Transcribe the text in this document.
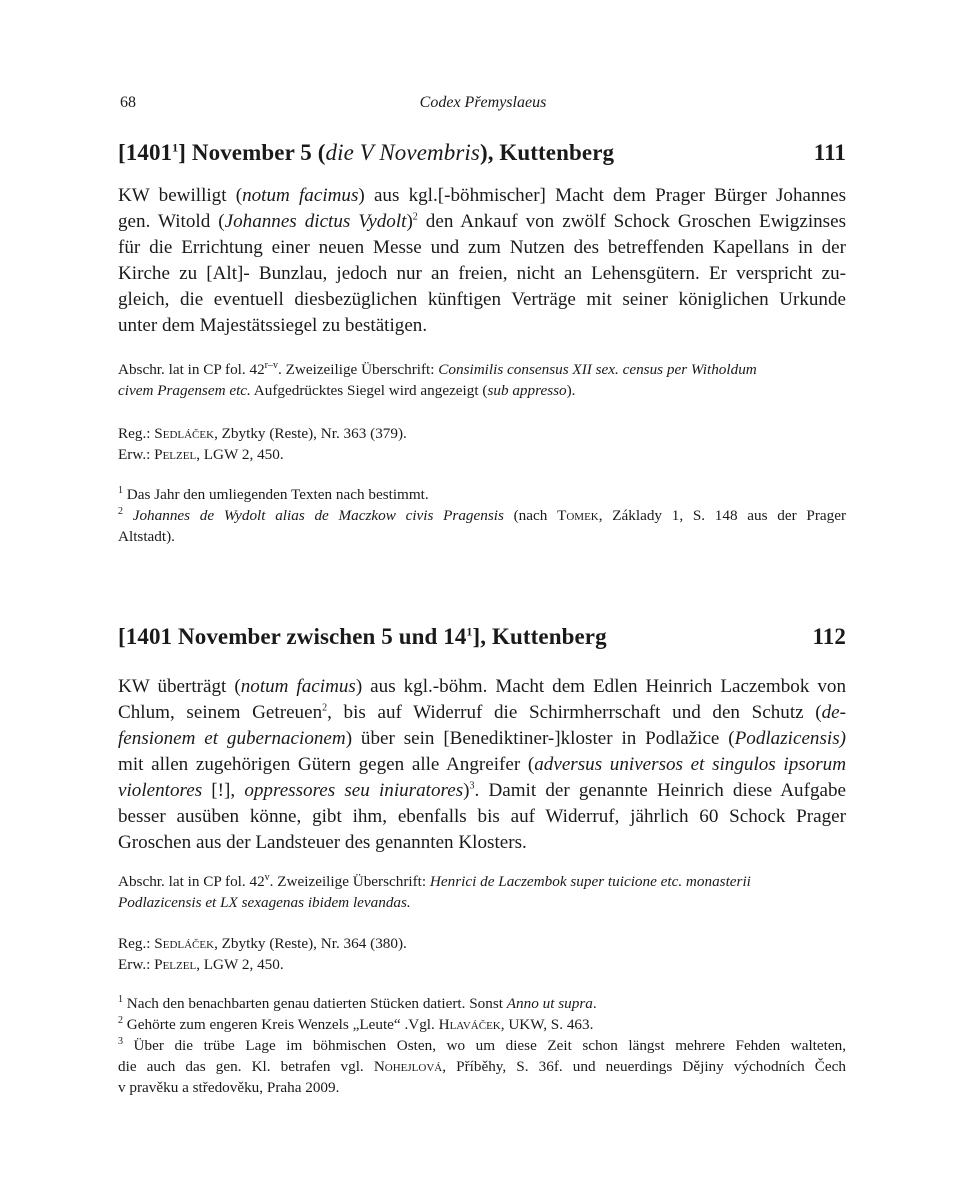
68	Codex Přemyslaeus
[1401$^1$] November 5 (die V Novembris), Kuttenberg	111
KW bewilligt (notum facimus) aus kgl.[-böhmischer] Macht dem Prager Bürger Johannes
gen. Witold (Johannes dictus Vydolt)$^2$ den Ankauf von zwölf Schock Groschen Ewigzinses
für die Errichtung einer neuen Messe und zum Nutzen des betreffenden Kapellans in der
Kirche zu [Alt]- Bunzlau, jedoch nur an freien, nicht an Lehensgütern. Er verspricht zu-
gleich, die eventuell diesbezüglichen künftigen Verträge mit seiner königlichen Urkunde
unter dem Majestätssiegel zu bestätigen.
Abschr. lat in CP fol. 42$^{r-v}$. Zweizeilige Überschrift: Consimilis consensus XII sex. census per Witholdum
civem Pragensem etc. Aufgedrücktes Siegel wird angezeigt (sub appresso).
Reg.: Sedláček, Zbytky (Reste), Nr. 363 (379).
Erw.: Pelzel, LGW 2, 450.
$^1$ Das Jahr den umliegenden Texten nach bestimmt.
$^2$ Johannes de Wydolt alias de Maczkow civis Pragensis (nach Tomek, Základy 1, S. 148 aus der Prager
Altstadt).
[1401 November zwischen 5 und $14^1$], Kuttenberg	112
KW überträgt (notum facimus) aus kgl.-böhm. Macht dem Edlen Heinrich Laczembok von
Chlum, seinem Getreuen$^2$, bis auf Widerruf die Schirmherrschaft und den Schutz (de-
fensionem et gubernacionem) über sein [Benediktiner-]kloster in Podlažice (Podlazicensis)
mit allen zugehörigen Gütern gegen alle Angreifer (adversus universos et singulos ipsorum
violentores [!], oppressores seu iniuratores)$^3$. Damit der genannte Heinrich diese Aufgabe
besser ausüben könne, gibt ihm, ebenfalls bis auf Widerruf, jährlich 60 Schock Prager
Groschen aus der Landsteuer des genannten Klosters.
Abschr. lat in CP fol. 42$^v$. Zweizeilige Überschrift: Henrici de Laczembok super tuicione etc. monasterii
Podlazicensis et LX sexagenas ibidem levandas.
Reg.: Sedláček, Zbytky (Reste), Nr. 364 (380).
Erw.: Pelzel, LGW 2, 450.
$^1$ Nach den benachbarten genau datierten Stücken datiert. Sonst Anno ut supra.
$^2$ Gehörte zum engeren Kreis Wenzels „Leute“ .Vgl. Hlaváček, UKW, S. 463.
$^3$ Über die trübe Lage im böhmischen Osten, wo um diese Zeit schon längst mehrere Fehden walteten,
die auch das gen. Kl. betrafen vgl. Nohejlová, Příběhy, S. 36f. und neuerdings Dějiny východních Čech
v pravěku a středověku, Praha 2009.
